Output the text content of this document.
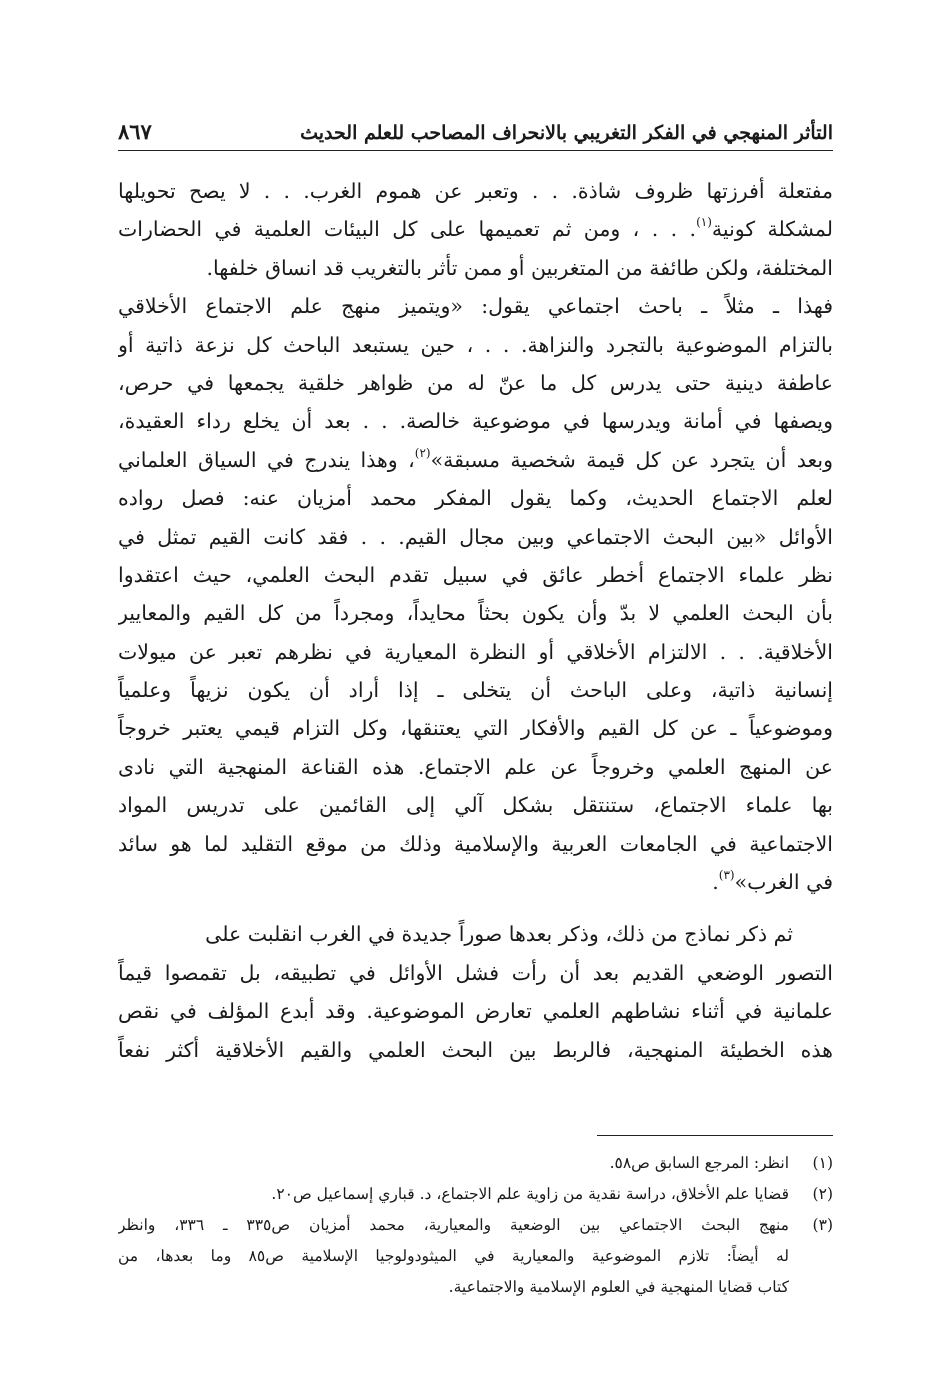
التأثر المنهجي في الفكر التغريبي بالانحراف المصاحب للعلم الحديث
٨٦٧

مفتعلة أفرزتها ظروف شاذة. . . وتعبر عن هموم الغرب. . . لا يصح تحويلها
لمشكلة كونية$^{(١)}$. . . ، ومن ثم تعميمها على كل البيئات العلمية في الحضارات
المختلفة، ولكن طائفة من المتغربين أو ممن تأثر بالتغريب قد انساق خلفها.

فهذا ـ مثلاً ـ باحث اجتماعي يقول: «ويتميز منهج علم الاجتماع الأخلاقي
بالتزام الموضوعية بالتجرد والنزاهة. . . ، حين يستبعد الباحث كل نزعة ذاتية أو
عاطفة دينية حتى يدرس كل ما عنّ له من ظواهر خلقية يجمعها في حرص،
ويصفها في أمانة ويدرسها في موضوعية خالصة. . . بعد أن يخلع رداء العقيدة،
وبعد أن يتجرد عن كل قيمة شخصية مسبقة»$^{(٢)}$، وهذا يندرج في السياق العلماني
لعلم الاجتماع الحديث، وكما يقول المفكر محمد أمزيان عنه: فصل رواده
الأوائل «بين البحث الاجتماعي وبين مجال القيم. . . فقد كانت القيم تمثل في
نظر علماء الاجتماع أخطر عائق في سبيل تقدم البحث العلمي، حيث اعتقدوا
بأن البحث العلمي لا بدّ وأن يكون بحثاً محايداً، ومجرداً من كل القيم والمعايير
الأخلاقية. . . الالتزام الأخلاقي أو النظرة المعيارية في نظرهم تعبر عن ميولات
إنسانية ذاتية، وعلى الباحث أن يتخلى ـ إذا أراد أن يكون نزيهاً وعلمياً
وموضوعياً ـ عن كل القيم والأفكار التي يعتنقها، وكل التزام قيمي يعتبر خروجاً
عن المنهج العلمي وخروجاً عن علم الاجتماع. هذه القناعة المنهجية التي نادى
بها علماء الاجتماع، ستنتقل بشكل آلي إلى القائمين على تدريس المواد
الاجتماعية في الجامعات العربية والإسلامية وذلك من موقع التقليد لما هو سائد
في الغرب»$^{(٣)}$.

ثم ذكر نماذج من ذلك، وذكر بعدها صوراً جديدة في الغرب انقلبت على
التصور الوضعي القديم بعد أن رأت فشل الأوائل في تطبيقه، بل تقمصوا قيماً
علمانية في أثناء نشاطهم العلمي تعارض الموضوعية. وقد أبدع المؤلف في نقص
هذه الخطيئة المنهجية، فالربط بين البحث العلمي والقيم الأخلاقية أكثر نفعاً

(١)
انظر: المرجع السابق ص٥٨.
(٢)
قضايا علم الأخلاق، دراسة نقدية من زاوية علم الاجتماع، د. قباري إسماعيل ص٢٠.
(٣)
منهج البحث الاجتماعي بين الوضعية والمعيارية، محمد أمزيان ص٣٣٥ ـ ٣٣٦، وانظر
له أيضاً: تلازم الموضوعية والمعيارية في الميثودولوجيا الإسلامية ص٨٥ وما بعدها، من
كتاب قضايا المنهجية في العلوم الإسلامية والاجتماعية.
